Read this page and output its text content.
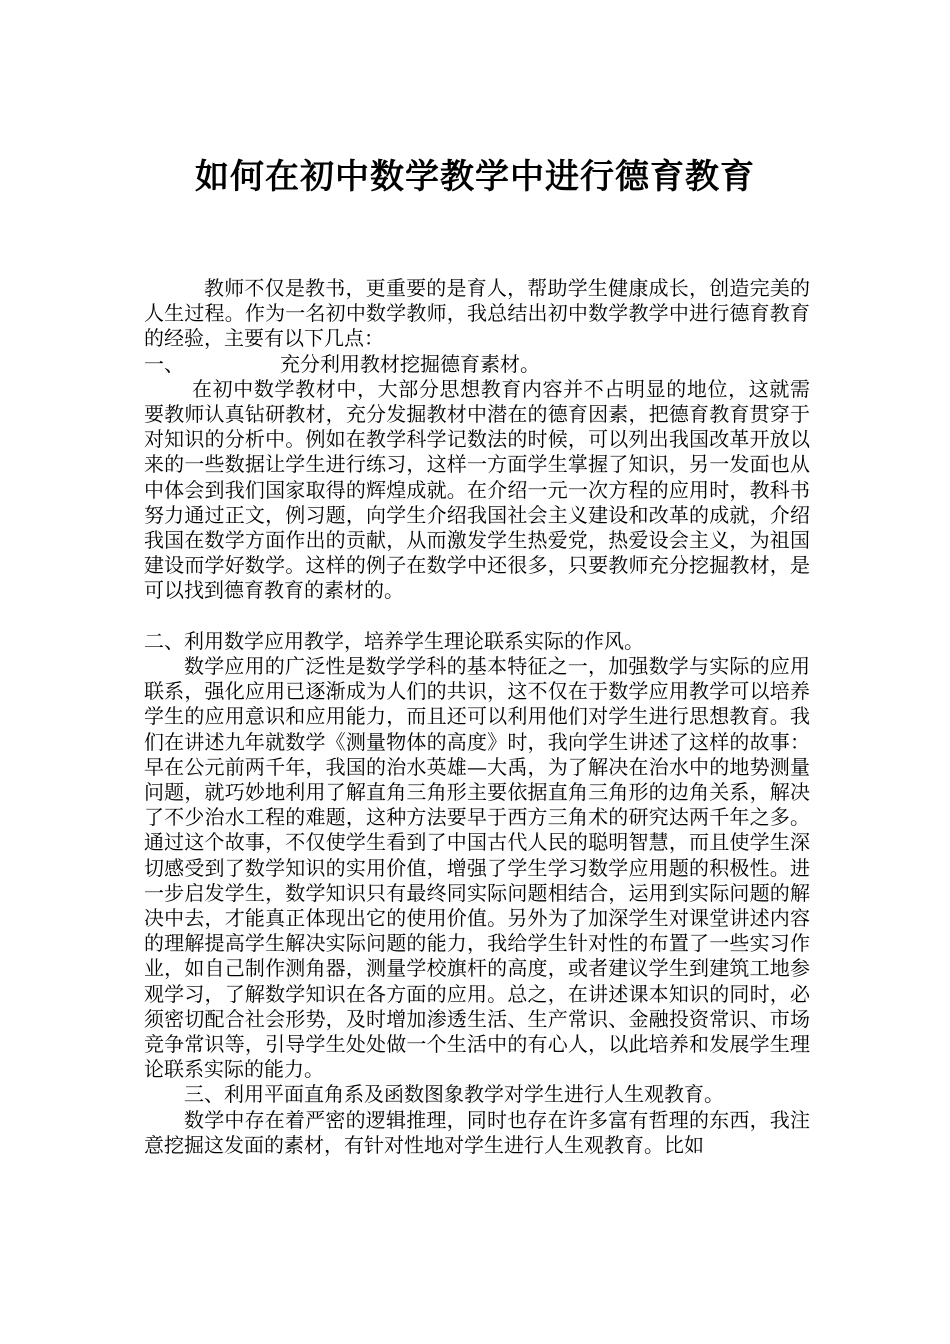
如何在初中数学教学中进行德育教育

教师不仅是教书，更重要的是育人，帮助学生健康成长，创造完美的人生过程。作为一名初中数学教师，我总结出初中数学教学中进行德育教育的经验，主要有以下几点：

一、	充分利用教材挖掘德育素材。

在初中数学教材中，大部分思想教育内容并不占明显的地位，这就需要教师认真钻研教材，充分发掘教材中潜在的德育因素，把德育教育贯穿于对知识的分析中。例如在教学科学记数法的时候，可以列出我国改革开放以来的一些数据让学生进行练习，这样一方面学生掌握了知识，另一发面也从中体会到我们国家取得的辉煌成就。在介绍一元一次方程的应用时，教科书努力通过正文，例习题，向学生介绍我国社会主义建设和改革的成就，介绍我国在数学方面作出的贡献，从而激发学生热爱党，热爱设会主义，为祖国建设而学好数学。这样的例子在数学中还很多，只要教师充分挖掘教材，是可以找到德育教育的素材的。

二、利用数学应用教学，培养学生理论联系实际的作风。

数学应用的广泛性是数学学科的基本特征之一，加强数学与实际的应用联系，强化应用已逐渐成为人们的共识，这不仅在于数学应用教学可以培养学生的应用意识和应用能力，而且还可以利用他们对学生进行思想教育。我们在讲述九年就数学《测量物体的高度》时，我向学生讲述了这样的故事：早在公元前两千年，我国的治水英雄—大禹，为了解决在治水中的地势测量问题，就巧妙地利用了解直角三角形主要依据直角三角形的边角关系，解决了不少治水工程的难题，这种方法要早于西方三角术的研究达两千年之多。通过这个故事，不仅使学生看到了中国古代人民的聪明智慧，而且使学生深切感受到了数学知识的实用价值，增强了学生学习数学应用题的积极性。进一步启发学生，数学知识只有最终同实际问题相结合，运用到实际问题的解决中去，才能真正体现出它的使用价值。另外为了加深学生对课堂讲述内容的理解提高学生解决实际问题的能力，我给学生针对性的布置了一些实习作业，如自己制作测角器，测量学校旗杆的高度，或者建议学生到建筑工地参观学习，了解数学知识在各方面的应用。总之，在讲述课本知识的同时，必须密切配合社会形势，及时增加渗透生活、生产常识、金融投资常识、市场竞争常识等，引导学生处处做一个生活中的有心人，以此培养和发展学生理论联系实际的能力。

三、利用平面直角系及函数图象教学对学生进行人生观教育。

数学中存在着严密的逻辑推理，同时也存在许多富有哲理的东西，我注意挖掘这发面的素材，有针对性地对学生进行人生观教育。比如
